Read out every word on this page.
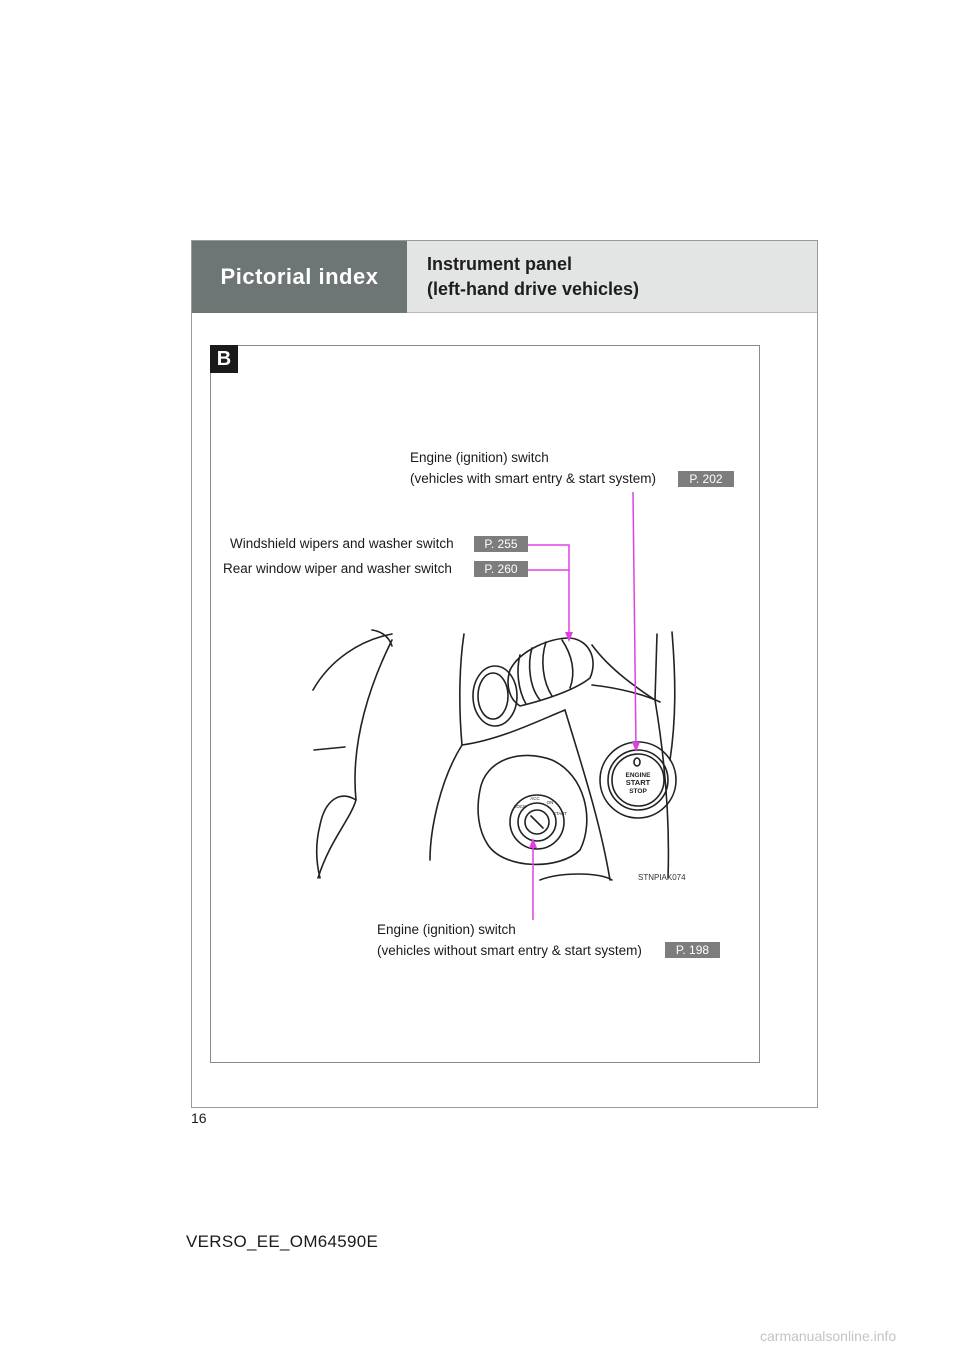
Pictorial index	Instrument panel
(left-hand drive vehicles)
B
ENGINE
START
STOP
LOCK
ACC
ON
START
STNPIAK074
Engine (ignition) switch
(vehicles with smart entry & start system)	P. 202
Windshield wipers and washer switch	P. 255
Rear window wiper and washer switch	P. 260
Engine (ignition) switch
(vehicles without smart entry & start system)	P. 198
16
VERSO_EE_OM64590E
carmanualsonline.info
